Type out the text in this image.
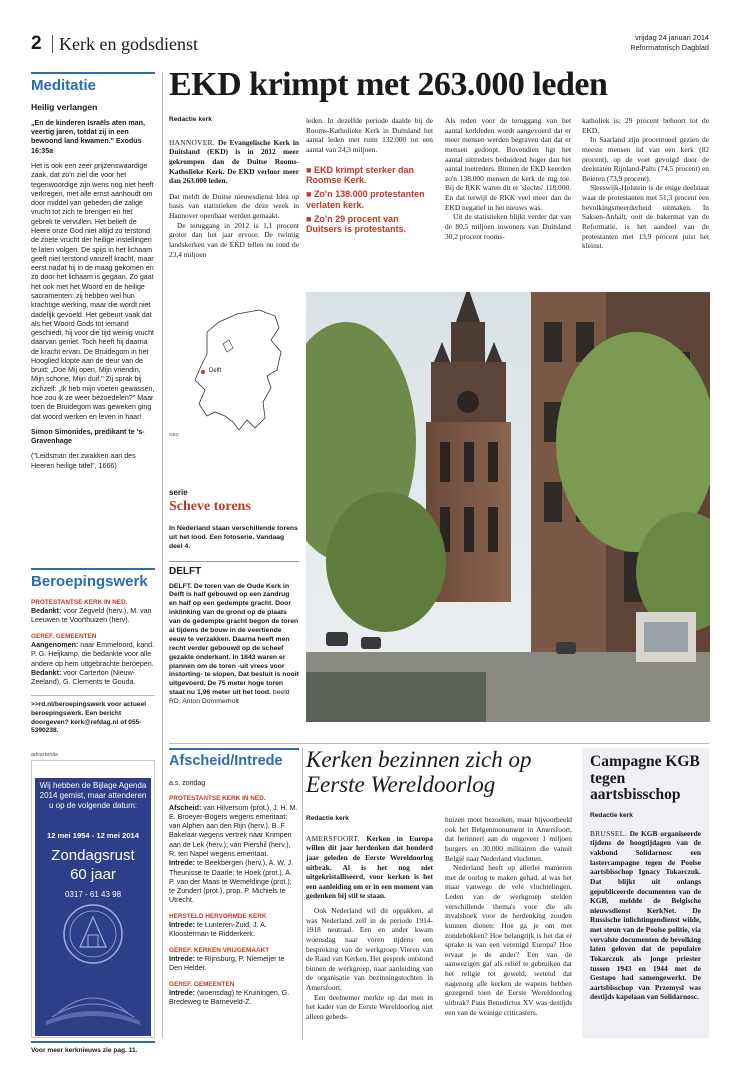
2 Kerk en godsdienst	vrijdag 24 januari 2014
Reformatorisch Dagblad
Meditatie
Heilig verlangen

„En de kinderen Israëls aten man, veertig jaren, totdat zij in een bewoond land kwamen." Exodus 16:35a

Het is ook een zeer prijzenswaardige zaak, dat zo'n ziel die voor het tegenwoordige zijn wens nog niet heeft verkregen, met alle ernst aanhoudt om door middel van gebeden die zalige vrucht tot zich te brengen en het gebrek te vervullen. Het belieft de Heere onze God niet altijd zo terstond de zoete vrucht der heilige instellingen te laten volgen. De spijs in het lichaam geeft niet terstond vanzelf kracht, maar eerst nadat hij in de maag gekomen en zo door het lichaam is gegaan. Zo gaat het ook met het Woord en de heilige sacramenten: zij hebben wel hun krachtige werking, maar die wordt niet dadelijk gevoeld. Het gebeurt vaak dat als het Woord Gods tot iemand geschiedt, hij voor die tijd weinig vrucht daarvan geniet. Toch heeft hij daarna de kracht ervan. De Bruidegom in het Hooglied klopte aan de deur van de bruid: „Doe Mij open, Mijn vriendin, Mijn schone, Mijn duif." Zij sprak bij zichzelf: „Ik heb mijn voeten gewassen, hoe zou ik ze weer bezoedelen?" Maar toen de Bruidegom was geweken ging dat woord werken en leven in haar!

Simon Simonides, predikant te 's-Gravenhage

("Leidsman der zwakken aan des Heeren heilige tafel", 1666)

Beroepingswerk
PROTESTANTSE KERK IN NED.

Bedankt: voor Zegveld (herv.), M. van Leeuwen te Voorthuizen (herv).

GEREF. GEMEENTEN

Aangenomen: naar Emmeloord, kand. P. G. Heijkamp, die bedankte voor alle andere op hem uitgebrachte beroepen.

Bedankt: voor Carterton (Nieuw-Zeeland), G. Clements te Gouda.

>>rd.nl/beroepingswerk voor actueel beroepingswerk. Een bericht doorgeven? kerk@refdag.nl of 055-5390238.

advertentie

Wij hebben de Bijlage Agenda 2014 gemist, maar attenderen u op de volgende datum:

12 mei 1954 - 12 mei 2014
Zondagsrust
60 jaar
0317 - 61 43 98
Voor meer kerknieuws zie pag. 11.
EKD krimpt met 263.000 leden
Redactie kerk

HANNOVER. De Evangelische Kerk in Duitsland (EKD) is in 2012 meer gekrompen dan de Duitse Rooms-Katholieke Kerk. De EKD verloor meer dan 263.000 leden.

Dat meldt de Duitse nieuwsdienst Idea op basis van statistieken die deze week in Hannover openbaar werden gemaakt.

De teruggang in 2012 is 1,1 procent groter dan het jaar ervoor. De twintig landskerken van de EKD tellen nu rond de 23,4 miljoen

leden. In dezelfde periode daalde bij de Rooms-Katholieke Kerk in Duitsland het aantal leden met ruim 132.000 tot een aantal van 24,3 miljoen.

■ EKD krimpt sterker dan Roomse Kerk.
■ Zo'n 138.000 protestanten verlaten kerk.
■ Zo'n 29 procent van Duitsers is protestants.

Als reden voor de teruggang van het aantal kerkleden wordt aangevoerd dat er meer mensen werden begraven dan dat er mensen gedoopt. Bovendien ligt het aantal uittreders beduidend hoger dan het aantal toetreders. Binnen de EKD keerden zo'n 138.000 mensen de kerk de rug toe. Bij de RKK waren dit er 'slechts' 118.000. En dat terwijl de RKK veel meer dan de EKD negatief in het nieuws was.

Uit de statistieken blijkt verder dat van de 80,5 miljoen inwoners van Duitsland 30,2 procent rooms-

katholiek is; 29 procent behoort tot de EKD.

In Saarland zijn procentueel gezien de meeste mensen lid van een kerk (82 procent), op de voet gevolgd door de deelstaten Rijnland-Palts (74,5 procent) en Beieren (73,9 procent).

Sleeswijk-Holstein is de enige deelstaat waar de protestanten met 51,3 procent een bevolkingsmeerderheid uitmaken. In Saksen-Anhalt, ooit de bakermat van de Reformatie, is het aandeel van de protestanten met 13,9 procent juist het kleinst.

Delft
GBD
serie
Scheve torens

In Nederland staan verschillende torens uit het lood. Een fotoserie. Vandaag deel 4.

DELFT

DELFT. De toren van de Oude Kerk in Delft is half gebouwd op een zandrug en half op een gedempte gracht. Door inklinking van de grond op de plaats van de gedempte gracht begon de toren al tijdens de bouw in de veertiende eeuw te verzakken. Daarna heeft men recht verder gebouwd op de scheef gezakte onderkant. In 1843 waren er plannen om de toren -uit vrees voor instorting- te slopen. Dat besluit is nooit uitgevoerd. De 75 meter hoge toren staat nu 1,96 meter uit het lood. beeld RD, Anton Dommerholt

Afscheid/Intrede
a.s. zondag
PROTESTANTSE KERK IN NED.

Afscheid: van Hilversum (prot.), J. H. M. E. Broeyer-Bogers wegens emeritaat; van Alphen aan den Rijn (herv.), B. F. Bakelaar wegens vertrek naar Krimpen aan de Lek (herv.); van Piershil (herv.), R. ten Napel wegens emeritaat.

Intrede: te Beekbergen (herv.), A. W. J. Theunisse te Daarle; te Hoek (prot.), A. P. van der Maas te Wemeldinge (prot.); te Zundert (prot.), prop. P. Michiels te Utrecht.

HERSTELD HERVORMDE KERK

Intrede: te Lunteren-Zuid, J. A. Kloosterman te Ridderkerk.

GEREF. KERKEN VRIJGEMAAKT

Intrede: te Rijnsburg, P. Niemeijer te Den Helder.

GEREF. GEMEENTEN

Intrede: (woensdag) te Kruiningen, G. Bredeweg te Barneveld-Z.

Kerken bezinnen zich op Eerste Wereldoorlog
Redactie kerk

AMERSFOORT. Kerken in Europa willen dit jaar herdenken dat honderd jaar geleden de Eerste Wereldoorlog uitbrak. Al is het nog niet uitgekristalliseerd, voor kerken is het een aanleiding om er in een moment van gedenken bij stil te staan.

Ook Nederland wil dit oppakken, al was Nederland zelf in de periode 1914-1918 neutraal. Een en ander kwam woensdag naar voren tijdens een bespreking van de werkgroep Vieren van de Raad van Kerken. Het gesprek ontstond binnen de werkgroep, naar aanleiding van de organisatie van bezinningstochten in Amersfoort.

Een deelnemer merkte op dat men in het kader van de Eerste Wereldoorlog niet alleen gebeds-

huizen moet bezoeken, maar bijvoorbeeld ook het Belgenmonument in Amersfoort, dat herinnert aan de ongeveer 1 miljoen burgers en 30.000 militairen die vanuit België naar Nederland vluchtten.

Nederland heeft op allerlei manieren met de oorlog te maken gehad, al was het maar vanwege de vele vluchtelingen. Leden van de werkgroep stelden verschillende thema's voor die als invalshoek voor de herdenking zouden kunnen dienen: Hoe ga je om met zondebokken? Hoe belangrijk is het dat er sprake is van een verenigd Europa? Hoe ervaar je de ander? Een van de aanwezigen gaf als reliëf te gebruiken dat het religie tot geweld, wetend dat nagenoeg alle kerken de wapens hebben gezegend toen de Eerste Wereldoorlog uitbrak? Paus Benedictus XV was destijds een van de weinige criticasters.

Campagne KGB tegen aartsbisschop
Redactie kerk

BRUSSEL. De KGB organiseerde tijdens de hoogtijdagen van de vakbond Solidarnosc een lastercampagne tegen de Poolse aartsbisschop Ignacy Tokarczuk. Dat blijkt uit onlangs gepubliceerde documenten van de KGB, meldde de Belgische nieuwsdienst KerkNet. De Russische inlichtingendienst wilde, met steun van de Poolse politie, via vervalste documenten de bevolking laten geloven dat de populaire Tokarczuk als jonge priester tussen 1943 en 1944 met de Gestapo had samengewerkt. De aartsbisschop van Przemysl was destijds kapelaan van Solidarnosc.
